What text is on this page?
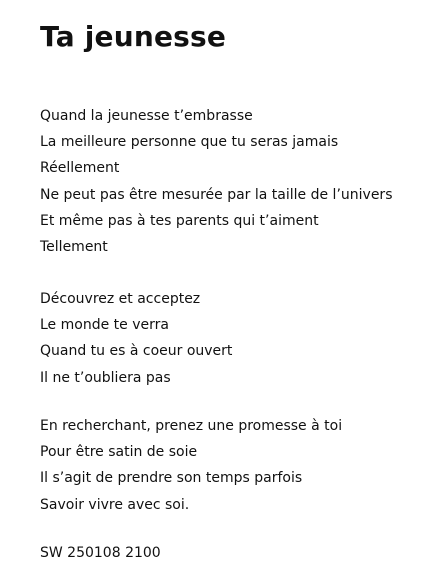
Ta jeunesse
Quand la jeunesse t’embrasse
La meilleure personne que tu seras jamais
Réellement
Ne peut pas être mesurée par la taille de l’univers
Et même pas à tes parents qui t’aiment
Tellement
Découvrez et acceptez
Le monde te verra
Quand tu es à coeur ouvert
Il ne t’oubliera pas
En recherchant, prenez une promesse à toi
Pour être satin de soie
Il s’agit de prendre son temps parfois
Savoir vivre avec soi.

SW 250108 2100
